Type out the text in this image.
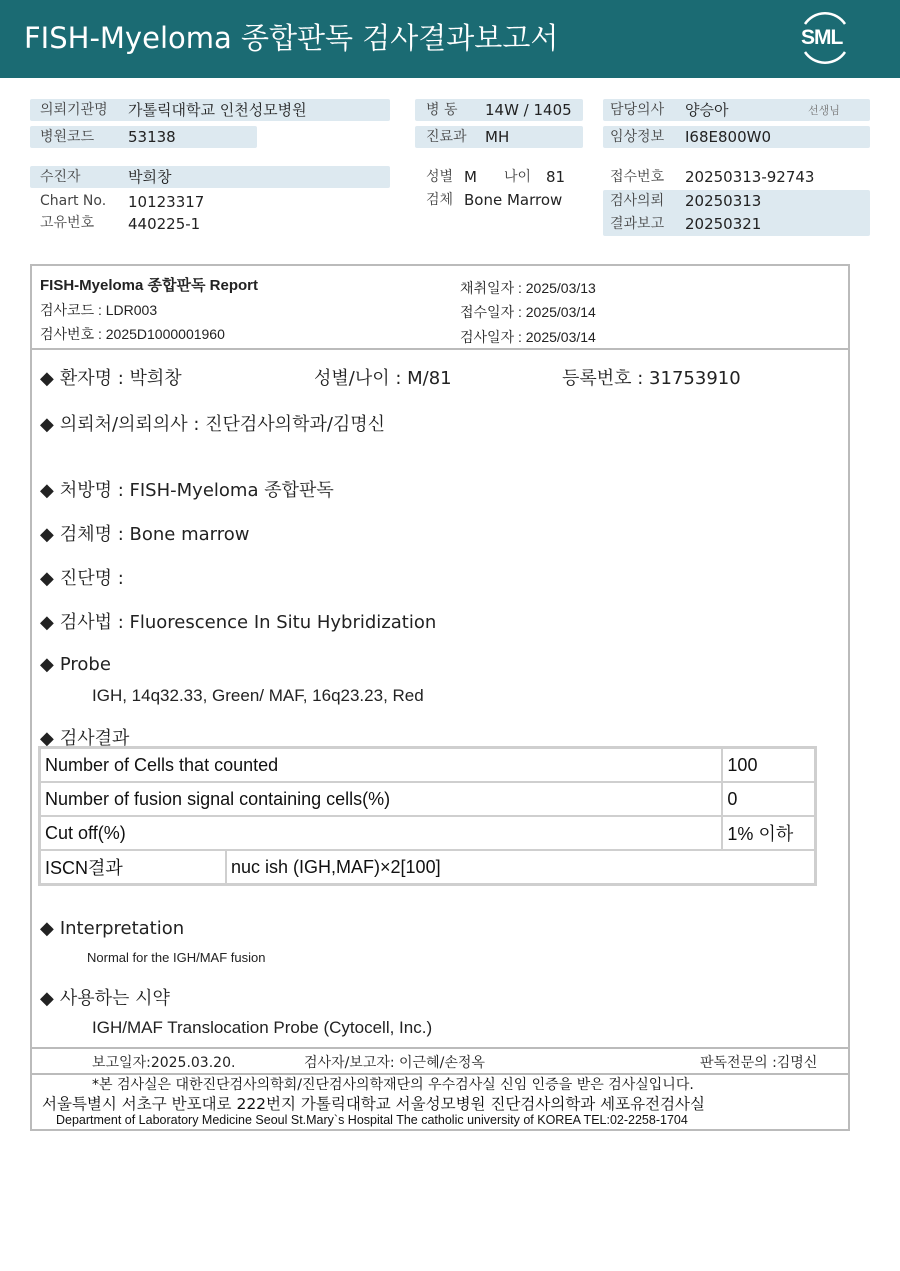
FISH-Myeloma 종합판독 검사결과보고서	SML
의뢰기관명 가톨릭대학교 인천성모병원
병원코드 53138
병 동 14W / 1405
진료과 MH
담당의사 양승아	선생님
임상정보 I68E800W0
수진자	박희창
Chart No. 10123317
고유번호 440225-1
성별 M 나이 81
검체 Bone Marrow
접수번호 20250313-92743
검사의뢰 20250313
결과보고 20250321
FISH-Myeloma 종합판독 Report
검사코드 : LDR003
검사번호 : 2025D1000001960
채취일자 : 2025/03/13
접수일자 : 2025/03/14
검사일자 : 2025/03/14
◆ 환자명 : 박희창	성별/나이 : M/81	등록번호 : 31753910
◆ 의뢰처/의뢰의사 : 진단검사의학과/김명신
◆ 처방명 : FISH-Myeloma 종합판독
◆ 검체명 : Bone marrow
◆ 진단명 :
◆ 검사법 : Fluorescence In Situ Hybridization
◆ Probe
IGH, 14q32.33, Green/ MAF, 16q23.23, Red
◆ 검사결과
Number of Cells that counted		100
Number of fusion signal containing cells(%)		0
Cut off(%)		1% 이하
ISCN결과	nuc ish (IGH,MAF)×2[100]	
◆ Interpretation
Normal for the IGH/MAF fusion
◆ 사용하는 시약
IGH/MAF Translocation Probe (Cytocell, Inc.)
보고일자:2025.03.20.	검사자/보고자: 이근혜/손정옥	판독전문의 :김명신
*본 검사실은 대한진단검사의학회/진단검사의학재단의 우수검사실 신임 인증을 받은 검사실입니다.
서울특별시 서초구 반포대로 222번지 가톨릭대학교 서울성모병원 진단검사의학과 세포유전검사실
Department of Laboratory Medicine Seoul St.Mary`s Hospital The catholic university of KOREA TEL:02-2258-1704
